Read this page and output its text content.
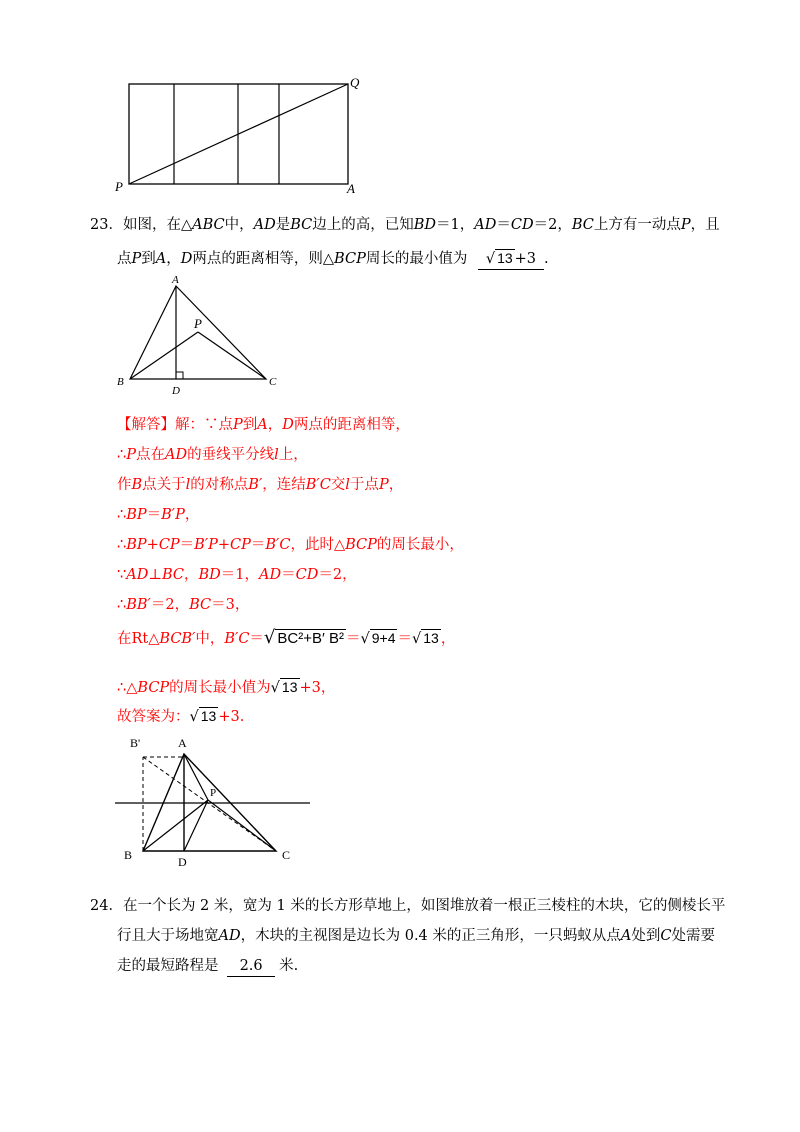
P
Q
A
23．如图，在△ABC中，AD是BC边上的高，已知BD＝1，AD＝CD＝2，BC上方有一动点P，且
点P到A，D两点的距离相等，则△BCP周长的最小值为 √ 13 +3 .
A
P
B
D
C
【解答】解：∵点P到A，D两点的距离相等，
∴P点在AD的垂线平分线l上，
作B点关于l的对称点B′，连结B′C交l于点P，
∴BP＝B′P，
∴BP+CP＝B′P+CP＝B′C，此时△BCP的周长最小，
∵AD⊥BC，BD＝1，AD＝CD＝2，
∴BB′＝2，BC＝3，
在Rt△BCB′中，B′C＝√ BC²+B′ B² ＝√ 9+4 ＝√ 13 ，
∴△BCP的周长最小值为√ 13 +3，
故答案为：√ 13 +3.
B'	A
P
B	D	C
24．在一个长为 2 米，宽为 1 米的长方形草地上，如图堆放着一根正三棱柱的木块，它的侧棱长平
行且大于场地宽AD，木块的主视图是边长为 0.4 米的正三角形，一只蚂蚁从点A处到C处需要
走的最短路程是 2.6 米.
